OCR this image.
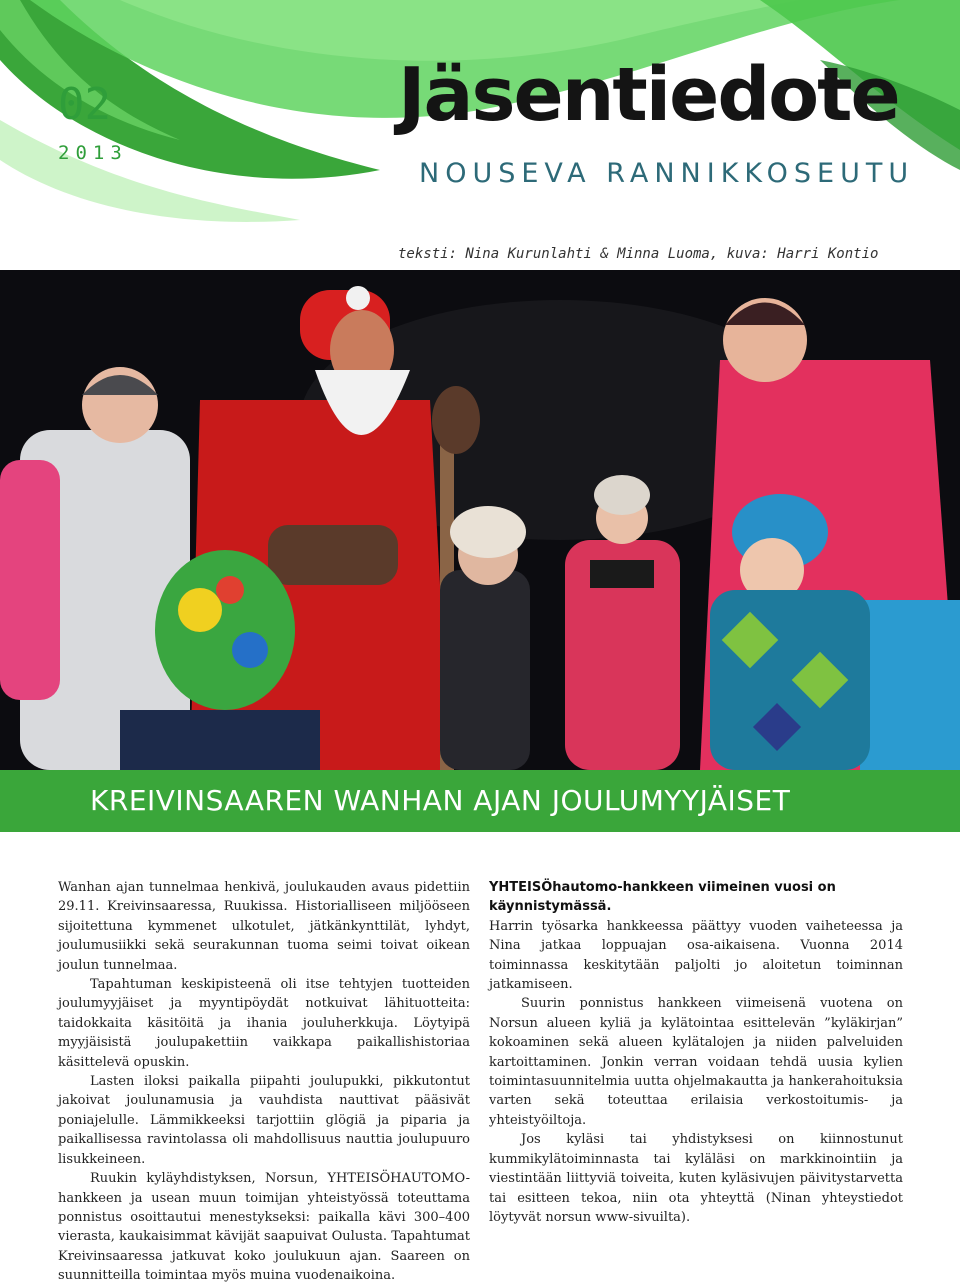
02
2013
Jäsentiedote
NOUSEVA RANNIKKOSEUTU
teksti: Nina Kurunlahti & Minna Luoma, kuva: Harri Kontio
KREIVINSAAREN WANHAN AJAN JOULUMYYJÄISET

Wanhan ajan tunnelmaa henkivä, joulukauden avaus pidettiin 29.11. Kreivinsaaressa, Ruukissa. Historialliseen miljööseen sijoitettuna kymmenet ulkotulet, jätkänkynttilät, lyhdyt, joulumusiikki sekä seurakunnan tuoma seimi toivat oikean joulun tunnelmaa.

Tapahtuman keskipisteenä oli itse tehtyjen tuotteiden joulumyyjäiset ja myyntipöydät notkuivat lähituotteita: taidokkaita käsitöitä ja ihania jouluherkkuja. Löytyipä myyjäisistä joulupakettiin vaikkapa paikallishistoriaa käsittelevä opuskin.

Lasten iloksi paikalla piipahti joulupukki, pikkutontut jakoivat joulunamusia ja vauhdista nauttivat pääsivät poniajelulle. Lämmikkeeksi tarjottiin glögiä ja piparia ja paikallisessa ravintolassa oli mahdollisuus nauttia joulupuuro lisukkeineen.

Ruukin kyläyhdistyksen, Norsun, YHTEISÖHAUTOMO-hankkeen ja usean muun toimijan yhteistyössä toteuttama ponnistus osoittautui menestykseksi: paikalla kävi 300–400 vierasta, kaukaisimmat kävijät saapuivat Oulusta. Tapahtumat Kreivinsaaressa jatkuvat koko joulukuun ajan. Saareen on suunnitteilla toimintaa myös muina vuodenaikoina.

YHTEISÖhautomo-hankkeen viimeinen vuosi on käynnistymässä.

Harrin työsarka hankkeessa päättyy vuoden vaiheteessa ja Nina jatkaa loppuajan osa-aikaisena. Vuonna 2014 toiminnassa keskitytään paljolti jo aloitetun toiminnan jatkamiseen.

Suurin ponnistus hankkeen viimeisenä vuotena on Norsun alueen kyliä ja kylätointaa esittelevän ”kyläkirjan” kokoaminen sekä alueen kylätalojen ja niiden palveluiden kartoittaminen. Jonkin verran voidaan tehdä uusia kylien toimintasuunnitelmia uutta ohjelmakautta ja hankerahoituksia varten sekä toteuttaa erilaisia verkostoitumis- ja yhteistyöiltoja.

Jos kyläsi tai yhdistyksesi on kiinnostunut kummikylätoiminnasta tai kyläläsi on markkinointiin ja viestintään liittyviä toiveita, kuten kyläsivujen päivitystarvetta tai esitteen tekoa, niin ota yhteyttä (Ninan yhteystiedot löytyvät norsun www-sivuilta).
